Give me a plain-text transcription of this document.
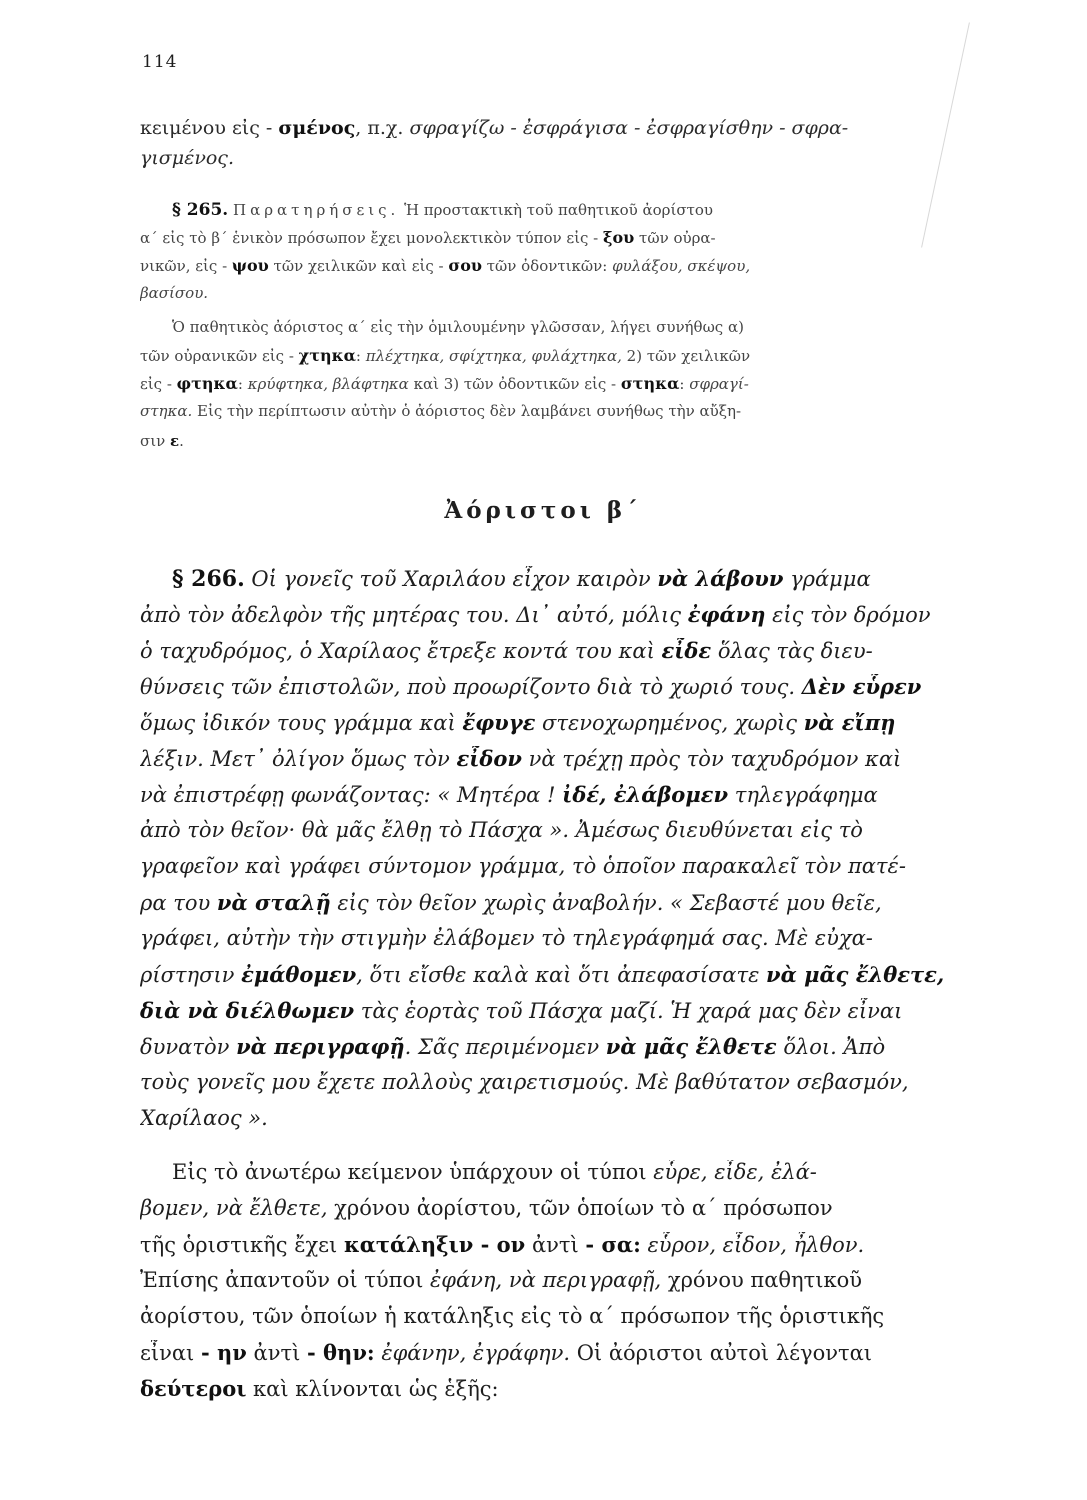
114
κειμένου εἰς - σμένος, π.χ. σφραγίζω - ἐσφράγισα - ἐσφραγίσθην - σφρα-
γισμένος.
§ 265. Παρατηρήσεις. Ἡ προστακτικὴ τοῦ παθητικοῦ ἀορίστου
α΄ εἰς τὸ β΄ ἑνικὸν πρόσωπον ἔχει μονολεκτικὸν τύπον εἰς - ξου τῶν οὐρα-
νικῶν, εἰς - ψου τῶν χειλικῶν καὶ εἰς - σου τῶν ὀδοντικῶν: φυλάξου, σκέψου,
βασίσου.
Ὁ παθητικὸς ἀόριστος α΄ εἰς τὴν ὁμιλουμένην γλῶσσαν, λήγει συνήθως α)
τῶν οὐρανικῶν εἰς - χτηκα: πλέχτηκα, σφίχτηκα, φυλάχτηκα, 2) τῶν χειλικῶν
εἰς - φτηκα: κρύφτηκα, βλάφτηκα καὶ 3) τῶν ὀδοντικῶν εἰς - στηκα: σφραγί-
στηκα. Εἰς τὴν περίπτωσιν αὐτὴν ὁ ἀόριστος δὲν λαμβάνει συνήθως τὴν αὔξη-
σιν ε.
Ἀόριστοι β΄
§ 266. Οἱ γονεῖς τοῦ Χαριλάου εἶχον καιρὸν νὰ λάβουν γράμμα
ἀπὸ τὸν ἀδελφὸν τῆς μητέρας του. Δι᾿ αὐτό, μόλις ἐφάνη εἰς τὸν δρόμον
ὁ ταχυδρόμος, ὁ Χαρίλαος ἔτρεξε κοντά του καὶ εἶδε ὅλας τὰς διευ-
θύνσεις τῶν ἐπιστολῶν, ποὺ προωρίζοντο διὰ τὸ χωριό τους. Δὲν εὗρεν
ὅμως ἰδικόν τους γράμμα καὶ ἔφυγε στενοχωρημένος, χωρὶς νὰ εἴπῃ
λέξιν. Μετ᾿ ὀλίγον ὅμως τὸν εἶδον νὰ τρέχῃ πρὸς τὸν ταχυδρόμον καὶ
νὰ ἐπιστρέφῃ φωνάζοντας: « Μητέρα ! ἰδέ, ἐλάβομεν τηλεγράφημα
ἀπὸ τὸν θεῖον· θὰ μᾶς ἔλθῃ τὸ Πάσχα ». Ἀμέσως διευθύνεται εἰς τὸ
γραφεῖον καὶ γράφει σύντομον γράμμα, τὸ ὁποῖον παρακαλεῖ τὸν πατέ-
ρα του νὰ σταλῇ εἰς τὸν θεῖον χωρὶς ἀναβολήν. « Σεβαστέ μου θεῖε,
γράφει, αὐτὴν τὴν στιγμὴν ἐλάβομεν τὸ τηλεγράφημά σας. Μὲ εὐχα-
ρίστησιν ἐμάθομεν, ὅτι εἴσθε καλὰ καὶ ὅτι ἀπεφασίσατε νὰ μᾶς ἔλθετε,
διὰ νὰ διέλθωμεν τὰς ἑορτὰς τοῦ Πάσχα μαζί. Ἡ χαρά μας δὲν εἶναι
δυνατὸν νὰ περιγραφῇ. Σᾶς περιμένομεν νὰ μᾶς ἔλθετε ὅλοι. Ἀπὸ
τοὺς γονεῖς μου ἔχετε πολλοὺς χαιρετισμούς. Μὲ βαθύτατον σεβασμόν,
Χαρίλαος ».
Εἰς τὸ ἀνωτέρω κείμενον ὑπάρχουν οἱ τύποι εὗρε, εἶδε, ἐλά-
βομεν, νὰ ἔλθετε, χρόνου ἀορίστου, τῶν ὁποίων τὸ α΄ πρόσωπον
τῆς ὁριστικῆς ἔχει κατάληξιν - ον ἀντὶ - σα: εὗρον, εἶδον, ἦλθον.
Ἐπίσης ἀπαντοῦν οἱ τύποι ἐφάνη, νὰ περιγραφῇ, χρόνου παθητικοῦ
ἀορίστου, τῶν ὁποίων ἡ κατάληξις εἰς τὸ α΄ πρόσωπον τῆς ὁριστικῆς
εἶναι - ην ἀντὶ - θην: ἐφάνην, ἐγράφην. Οἱ ἀόριστοι αὐτοὶ λέγονται
δεύτεροι καὶ κλίνονται ὡς ἑξῆς:
